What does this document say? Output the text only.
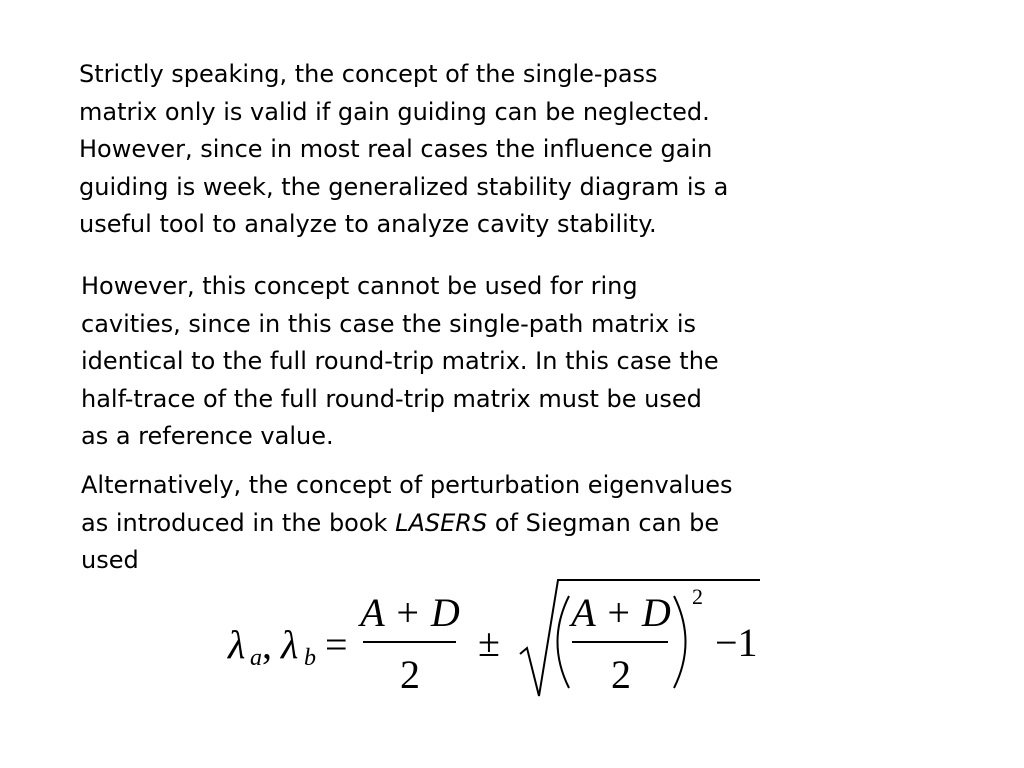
Strictly speaking, the concept of the single-pass
matrix only is valid if gain guiding can be neglected.
However, since in most real cases the influence gain
guiding is week, the generalized stability diagram is a
useful tool to analyze to analyze cavity stability.
However, this concept cannot be used for ring
cavities, since in this case the single-path matrix is
identical to the full round-trip matrix. In this case the
half-trace of the full round-trip matrix must be used
as a reference value.
Alternatively, the concept of perturbation eigenvalues
as introduced in the book LASERS of Siegman can be
used
λ a , λ b =
A + D
2
±
A + D
2
2
−1
